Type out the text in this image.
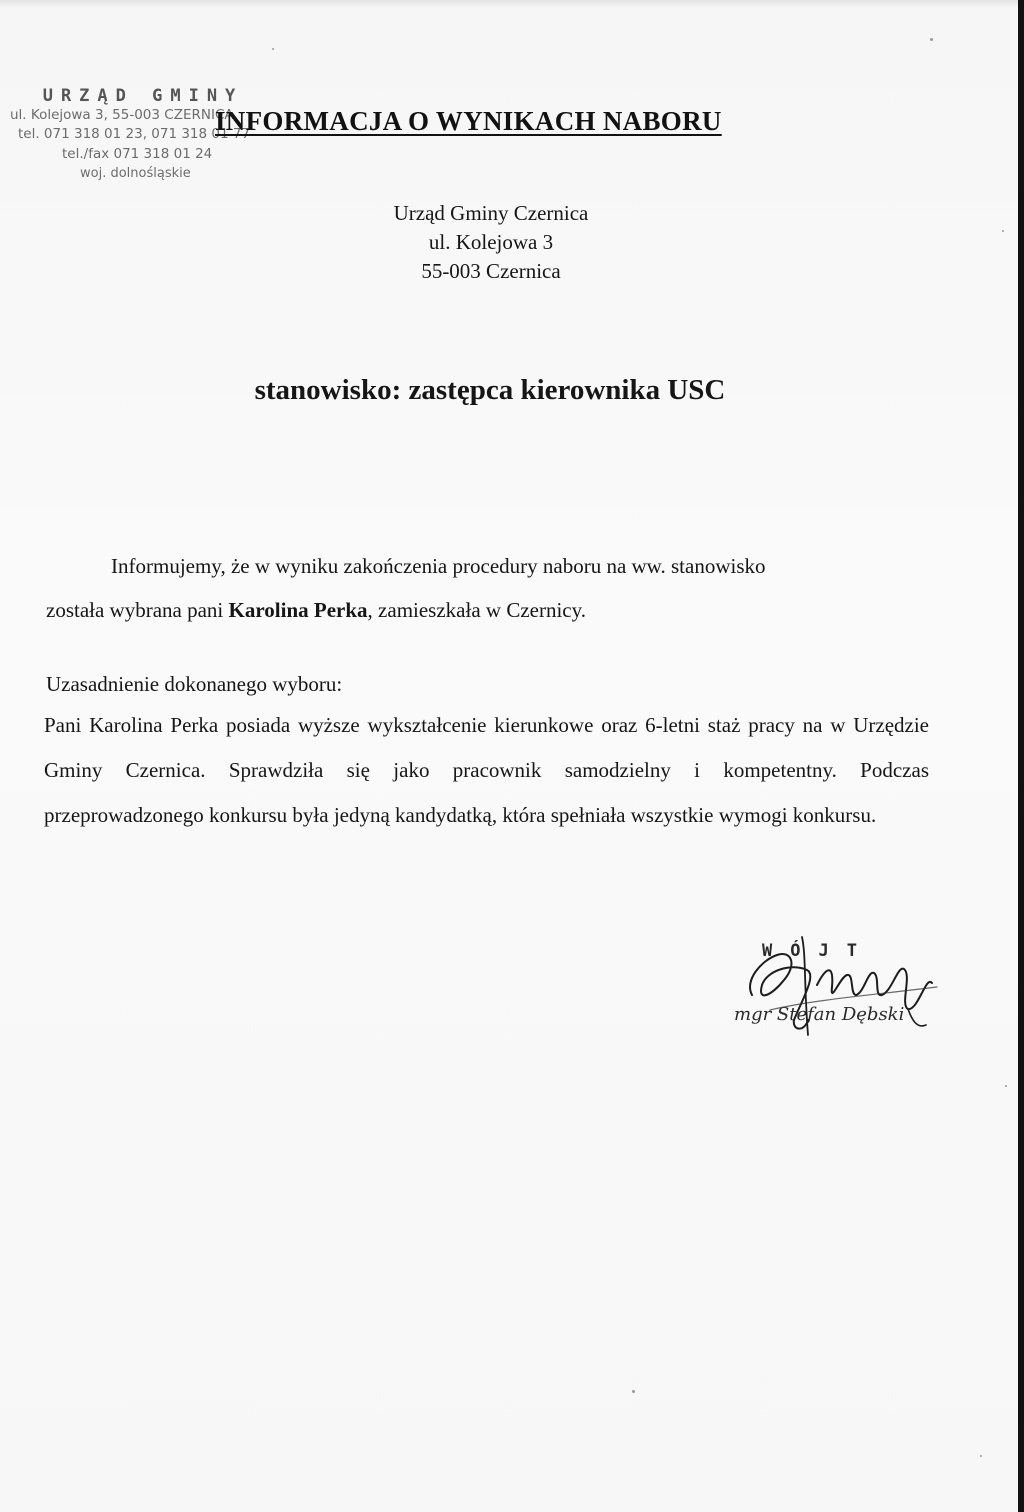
URZĄD GMINY
ul. Kolejowa 3, 55-003 CZERNICA
tel. 071 318 01 23, 071 318 01 77
tel./fax 071 318 01 24
woj. dolnośląskie
INFORMACJA O WYNIKACH NABORU
Urząd Gminy Czernica
ul. Kolejowa 3
55-003 Czernica
stanowisko: zastępca kierownika USC
Informujemy, że w wyniku zakończenia procedury naboru na ww. stanowisko
została wybrana pani Karolina Perka, zamieszkała w Czernicy.
Uzasadnienie dokonanego wyboru:
Pani Karolina Perka posiada wyższe wykształcenie kierunkowe oraz 6-letni staż pracy na w Urzędzie Gminy Czernica. Sprawdziła się jako pracownik samodzielny i kompetentny. Podczas przeprowadzonego konkursu była jedyną kandydatką, która spełniała wszystkie wymogi konkursu.
WÓJT
mgr Stefan Dębski
